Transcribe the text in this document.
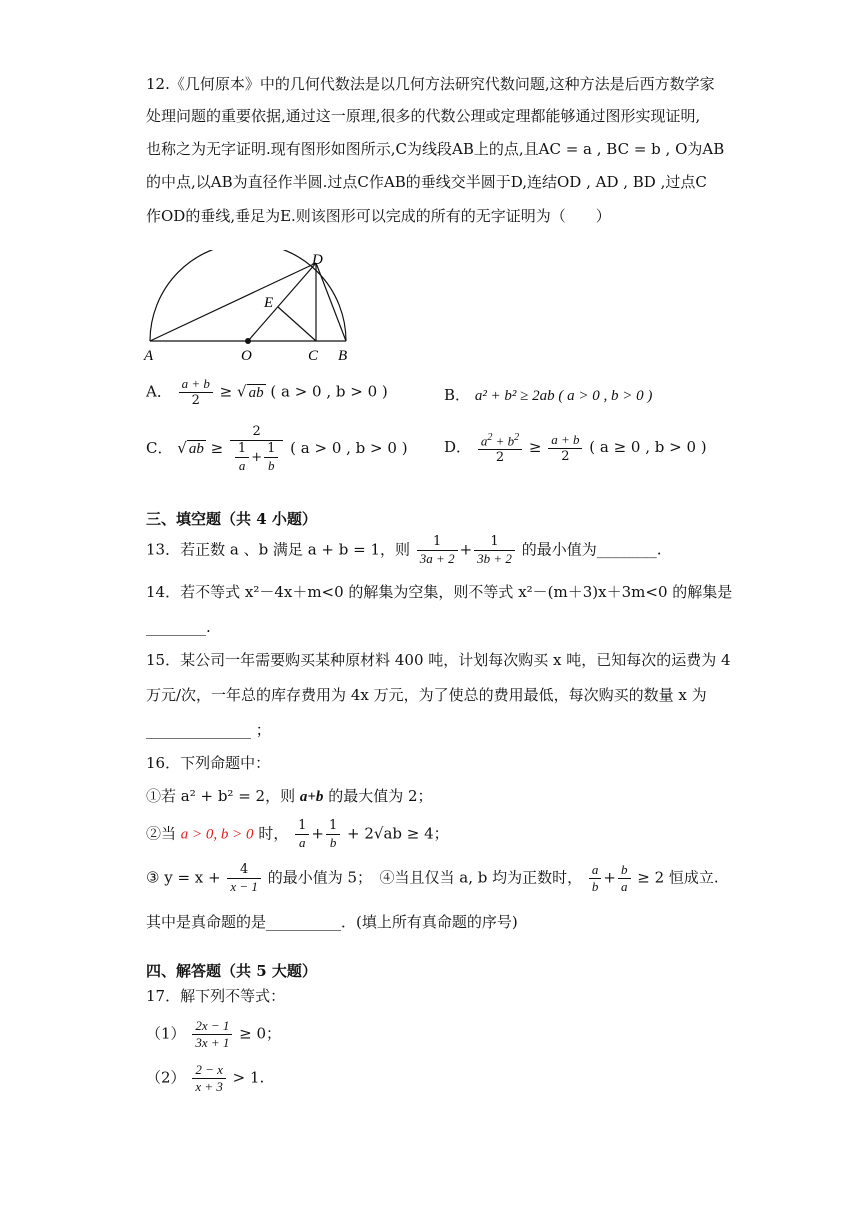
12.《几何原本》中的几何代数法是以几何方法研究代数问题,这种方法是后西方数学家
处理问题的重要依据,通过这一原理,很多的代数公理或定理都能够通过图形实现证明,
也称之为无字证明.现有图形如图所示,C为线段AB上的点,且AC = a , BC = b , O为AB
的中点,以AB为直径作半圆.过点C作AB的垂线交半圆于D,连结OD , AD , BD ,过点C
作OD的垂线,垂足为E.则该图形可以完成的所有的无字证明为（　　）
A	O	C B
D
E
A． $\frac{a + b}{2}$ ≥ √ ab ( a > 0 , b > 0 )	B． a² + b² ≥ 2ab ( a > 0 , b > 0 )
C． √ ab ≥ $\frac{2}{\frac{1}{a} + \frac{1}{b}}$ ( a > 0 , b > 0 ) D． $\frac{a^2 + b^2}{2} \ge \frac{a + b}{2}$ ( a ≥ 0 , b > 0 )
三、填空题（共 4 小题）
13．若正数 a 、b 满足 a + b = 1，则 $\frac{1}{3a + 2} + \frac{1}{3b + 2}$ 的最小值为________.
14．若不等式 x²－4x＋m<0 的解集为空集，则不等式 x²－(m＋3)x＋3m<0 的解集是
________.
15．某公司一年需要购买某种原材料 400 吨，计划每次购买 x 吨，已知每次的运费为 4
万元/次，一年总的库存费用为 4x 万元，为了使总的费用最低，每次购买的数量 x 为
______________ ；
16．下列命题中：
①若 a² + b² = 2，则 a+b 的最大值为 2；
②当 a > 0, b > 0 时， $\frac{1}{a} + \frac{1}{b} + 2√ab \ge 4$；
③ $y = x + \frac{4}{x - 1}$ 的最小值为 5；　④当且仅当 a, b 均为正数时， $\frac{a}{b} + \frac{b}{a} \ge 2$ 恒成立.
其中是真命题的是__________．(填上所有真命题的序号)
四、解答题（共 5 大题）
17．解下列不等式：
$(1) \frac{2x - 1}{3x + 1} \ge 0$；
$(2) \frac{2 - x}{x + 3} > 1$.
